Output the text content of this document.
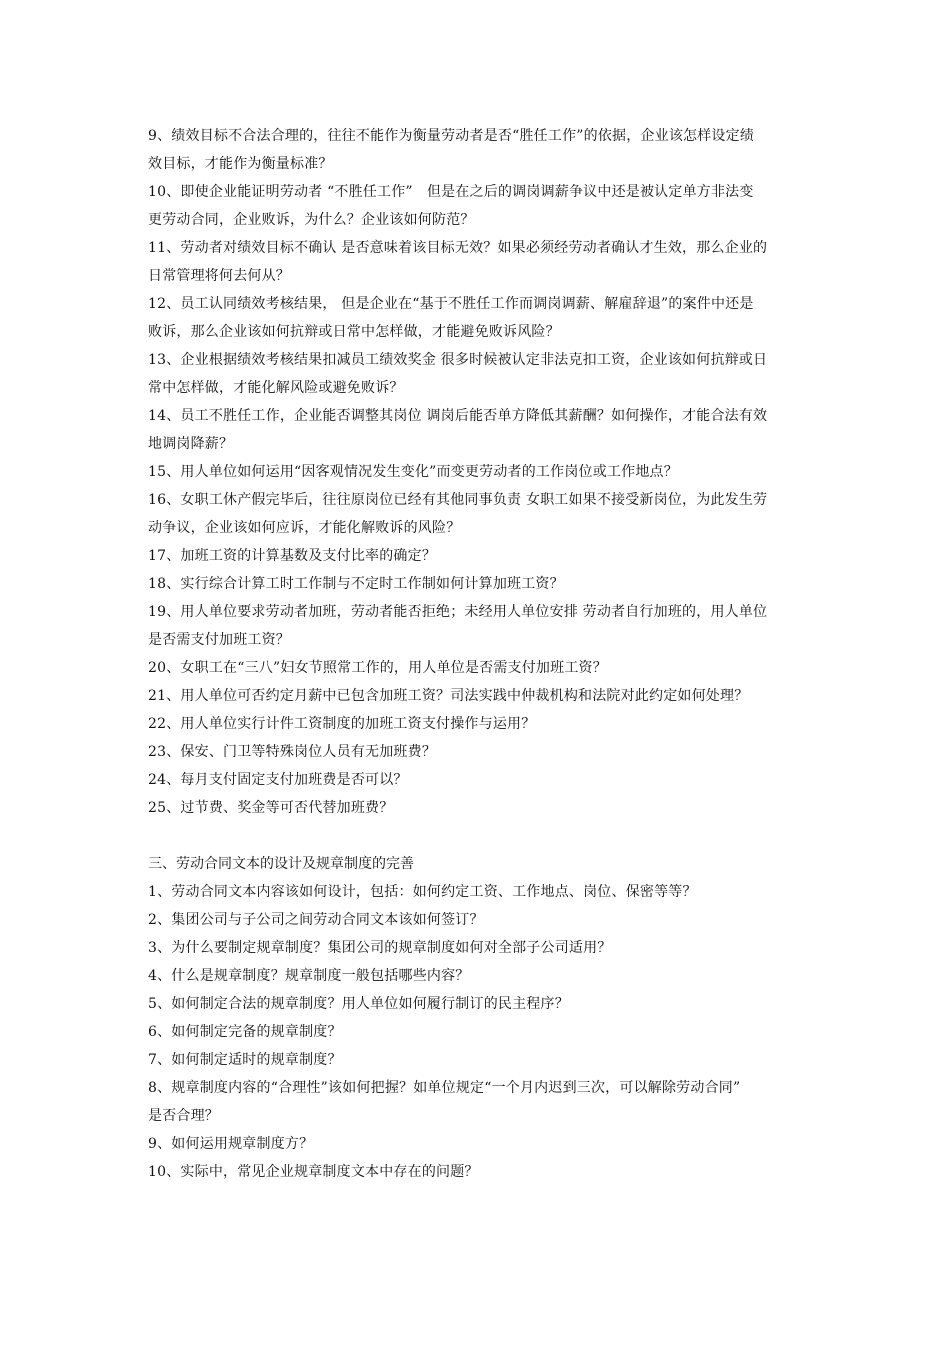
9、绩效目标不合法合理的，往往不能作为衡量劳动者是否“胜任工作”的依据，企业该怎样设定绩
效目标，才能作为衡量标准？

10、即使企业能证明劳动者 “不胜任工作”　但是在之后的调岗调薪争议中还是被认定单方非法变
更劳动合同，企业败诉，为什么？企业该如何防范？

11、劳动者对绩效目标不确认 是否意味着该目标无效？如果必须经劳动者确认才生效，那么企业的
日常管理将何去何从？

12、员工认同绩效考核结果， 但是企业在“基于不胜任工作而调岗调薪、解雇辞退”的案件中还是
败诉，那么企业该如何抗辩或日常中怎样做，才能避免败诉风险？

13、企业根据绩效考核结果扣减员工绩效奖金 很多时候被认定非法克扣工资，企业该如何抗辩或日
常中怎样做，才能化解风险或避免败诉？

14、员工不胜任工作，企业能否调整其岗位 调岗后能否单方降低其薪酬？如何操作，才能合法有效
地调岗降薪？

15、用人单位如何运用“因客观情况发生变化”而变更劳动者的工作岗位或工作地点？

16、女职工休产假完毕后，往往原岗位已经有其他同事负责 女职工如果不接受新岗位，为此发生劳
动争议，企业该如何应诉，才能化解败诉的风险？

17、加班工资的计算基数及支付比率的确定？

18、实行综合计算工时工作制与不定时工作制如何计算加班工资？

19、用人单位要求劳动者加班，劳动者能否拒绝；未经用人单位安排 劳动者自行加班的，用人单位
是否需支付加班工资？

20、女职工在“三八”妇女节照常工作的，用人单位是否需支付加班工资？

21、用人单位可否约定月薪中已包含加班工资？司法实践中仲裁机构和法院对此约定如何处理？

22、用人单位实行计件工资制度的加班工资支付操作与运用？

23、保安、门卫等特殊岗位人员有无加班费？

24、每月支付固定支付加班费是否可以？

25、过节费、奖金等可否代替加班费？

三、劳动合同文本的设计及规章制度的完善

1、劳动合同文本内容该如何设计，包括：如何约定工资、工作地点、岗位、保密等等？

2、集团公司与子公司之间劳动合同文本该如何签订？

3、为什么要制定规章制度？集团公司的规章制度如何对全部子公司适用？

4、什么是规章制度？规章制度一般包括哪些内容？

5、如何制定合法的规章制度？用人单位如何履行制订的民主程序？

6、如何制定完备的规章制度？

7、如何制定适时的规章制度？

8、规章制度内容的“合理性”该如何把握？如单位规定“一个月内迟到三次，可以解除劳动合同”
是否合理？

9、如何运用规章制度方？

10、实际中，常见企业规章制度文本中存在的问题？
